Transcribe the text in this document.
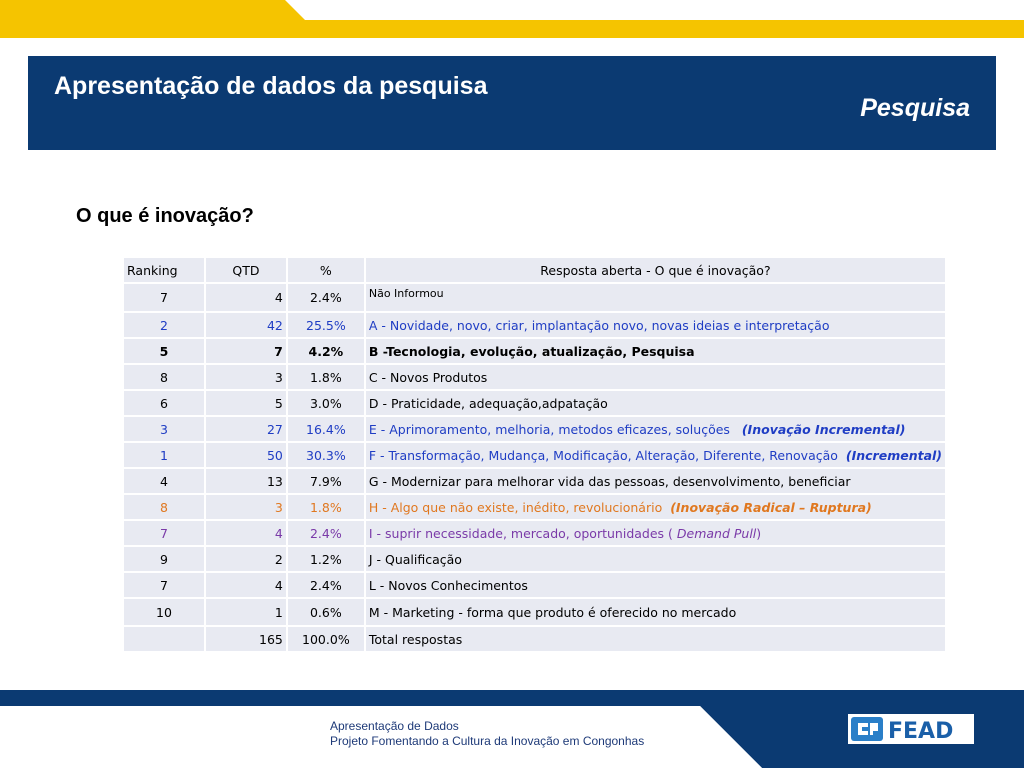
Apresentação de dados da pesquisa
Pesquisa
O que é inovação?
Ranking	QTD	%	Resposta aberta - O que é inovação?
7	4	2.4%	Não Informou
2	42	25.5%	A - Novidade, novo, criar, implantação novo, novas ideias e interpretação
5	7	4.2%	B -Tecnologia, evolução, atualização, Pesquisa
8	3	1.8%	C - Novos Produtos
6	5	3.0%	D - Praticidade, adequação,adpatação
3	27	16.4%	E - Aprimoramento, melhoria, metodos eficazes, soluções (Inovação Incremental)
1	50	30.3%	F - Transformação, Mudança, Modificação, Alteração, Diferente, Renovação (Incremental)
4	13	7.9%	G - Modernizar para melhorar vida das pessoas, desenvolvimento, beneficiar
8	3	1.8%	H - Algo que não existe, inédito, revolucionário (Inovação Radical – Ruptura)
7	4	2.4%	I - suprir necessidade, mercado, oportunidades ( Demand Pull)
9	2	1.2%	J - Qualificação
7	4	2.4%	L - Novos Conhecimentos
10	1	0.6%	M - Marketing - forma que produto é oferecido no mercado
	165	100.0%	Total respostas
Apresentação de Dados
Projeto Fomentando a Cultura da Inovação em Congonhas	FEAD
